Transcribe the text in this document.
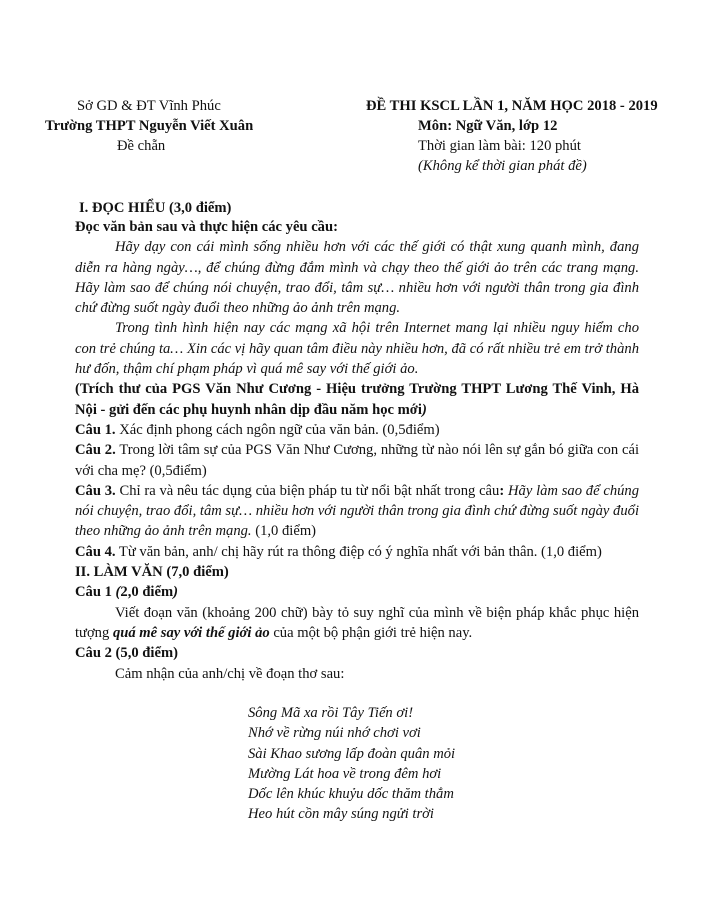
Sở GD & ĐT Vĩnh Phúc
Trường THPT Nguyễn Viết Xuân
Đề chẵn
ĐỀ THI KSCL LẦN 1, NĂM HỌC 2018 - 2019
Môn: Ngữ Văn, lớp 12
Thời gian làm bài: 120 phút
(Không kể thời gian phát đề)
I. ĐỌC HIỂU (3,0 điểm)
Đọc văn bản sau và thực hiện các yêu cầu:

Hãy dạy con cái mình sống nhiều hơn với các thế giới có thật xung quanh mình, đang diễn ra hàng ngày…, để chúng đừng đắm mình và chạy theo thế giới ảo trên các trang mạng. Hãy làm sao để chúng nói chuyện, trao đổi, tâm sự… nhiều hơn với người thân trong gia đình chứ đừng suốt ngày đuổi theo những ảo ảnh trên mạng.

Trong tình hình hiện nay các mạng xã hội trên Internet mang lại nhiều nguy hiểm cho con trẻ chúng ta… Xin các vị hãy quan tâm điều này nhiều hơn, đã có rất nhiều trẻ em trở thành hư đốn, thậm chí phạm pháp vì quá mê say với thế giới ảo.

(Trích thư của PGS Văn Như Cương - Hiệu trưởng Trường THPT Lương Thế Vinh, Hà Nội - gửi đến các phụ huynh nhân dịp đầu năm học mới)

Câu 1. Xác định phong cách ngôn ngữ của văn bản. (0,5điểm)

Câu 2. Trong lời tâm sự của PGS Văn Như Cương, những từ nào nói lên sự gắn bó giữa con cái với cha mẹ? (0,5điểm)

Câu 3. Chỉ ra và nêu tác dụng của biện pháp tu từ nổi bật nhất trong câu: Hãy làm sao để chúng nói chuyện, trao đổi, tâm sự… nhiều hơn với người thân trong gia đình chứ đừng suốt ngày đuổi theo những ảo ảnh trên mạng. (1,0 điểm)

Câu 4. Từ văn bản, anh/ chị hãy rút ra thông điệp có ý nghĩa nhất với bản thân. (1,0 điểm)

II. LÀM VĂN (7,0 điểm)
Câu 1 (2,0 điểm)

Viết đoạn văn (khoảng 200 chữ) bày tỏ suy nghĩ của mình về biện pháp khắc phục hiện tượng quá mê say với thế giới ảo của một bộ phận giới trẻ hiện nay.

Câu 2 (5,0 điểm)

Cảm nhận của anh/chị về đoạn thơ sau:

Sông Mã xa rồi Tây Tiến ơi!
Nhớ về rừng núi nhớ chơi vơi
Sài Khao sương lấp đoàn quân mỏi
Mường Lát hoa về trong đêm hơi
Dốc lên khúc khuỷu dốc thăm thẳm
Heo hút cồn mây súng ngửi trời
